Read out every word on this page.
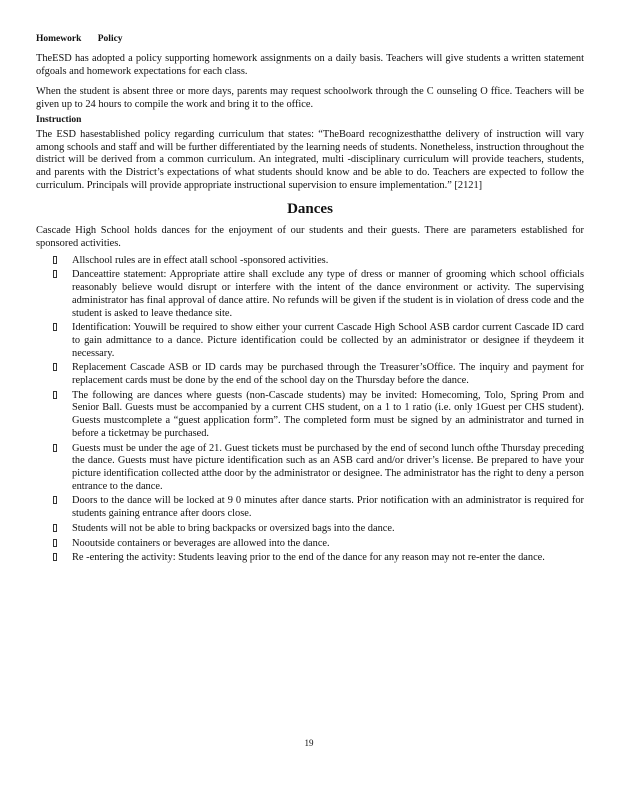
Homework Policy

TheESD has adopted a policy supporting homework assignments on a daily basis. Teachers will give students a written statement ofgoals and homework expectations for each class.

When the student is absent three or more days, parents may request schoolwork through the C ounseling O ffice. Teachers will be given up to 24 hours to compile the work and bring it to the office.

Instruction

The ESD hasestablished policy regarding curriculum that states: “TheBoard recognizesthatthe delivery of instruction will vary among schools and staff and will be further differentiated by the learning needs of students. Nonetheless, instruction throughout the district will be derived from a common curriculum. An integrated, multi -disciplinary curriculum will provide teachers, students, and parents with the District’s expectations of what students should know and be able to do. Teachers are expected to follow the curriculum. Principals will provide appropriate instructional supervision to ensure implementation.” [2121]

Dances

Cascade High School holds dances for the enjoyment of our students and their guests. There are parameters established for sponsored activities.

Allschool rules are in effect atall school -sponsored activities.
Danceattire statement: Appropriate attire shall exclude any type of dress or manner of grooming which school officials reasonably believe would disrupt or interfere with the intent of the dance environment or activity. The supervising administrator has final approval of dance attire. No refunds will be given if the student is in violation of dress code and the student is asked to leave thedance site.
Identification: Youwill be required to show either your current Cascade High School ASB cardor current Cascade ID card to gain admittance to a dance. Picture identification could be collected by an administrator or designee if theydeem it necessary.
Replacement Cascade ASB or ID cards may be purchased through the Treasurer’sOffice. The inquiry and payment for replacement cards must be done by the end of the school day on the Thursday before the dance.
The following are dances where guests (non-Cascade students) may be invited: Homecoming, Tolo, Spring Prom and Senior Ball. Guests must be accompanied by a current CHS student, on a 1 to 1 ratio (i.e. only 1Guest per CHS student). Guests mustcomplete a “guest application form”. The completed form must be signed by an administrator and turned in before a ticketmay be purchased.
Guests must be under the age of 21. Guest tickets must be purchased by the end of second lunch ofthe Thursday preceding the dance. Guests must have picture identification such as an ASB card and/or driver’s license. Be prepared to have your picture identification collected atthe door by the administrator or designee. The administrator has the right to deny a person entrance to the dance.
Doors to the dance will be locked at 9 0 minutes after dance starts. Prior notification with an administrator is required for students gaining entrance after doors close.
Students will not be able to bring backpacks or oversized bags into the dance.
Nooutside containers or beverages are allowed into the dance.
Re -entering the activity: Students leaving prior to the end of the dance for any reason may not re-enter the dance.
19
